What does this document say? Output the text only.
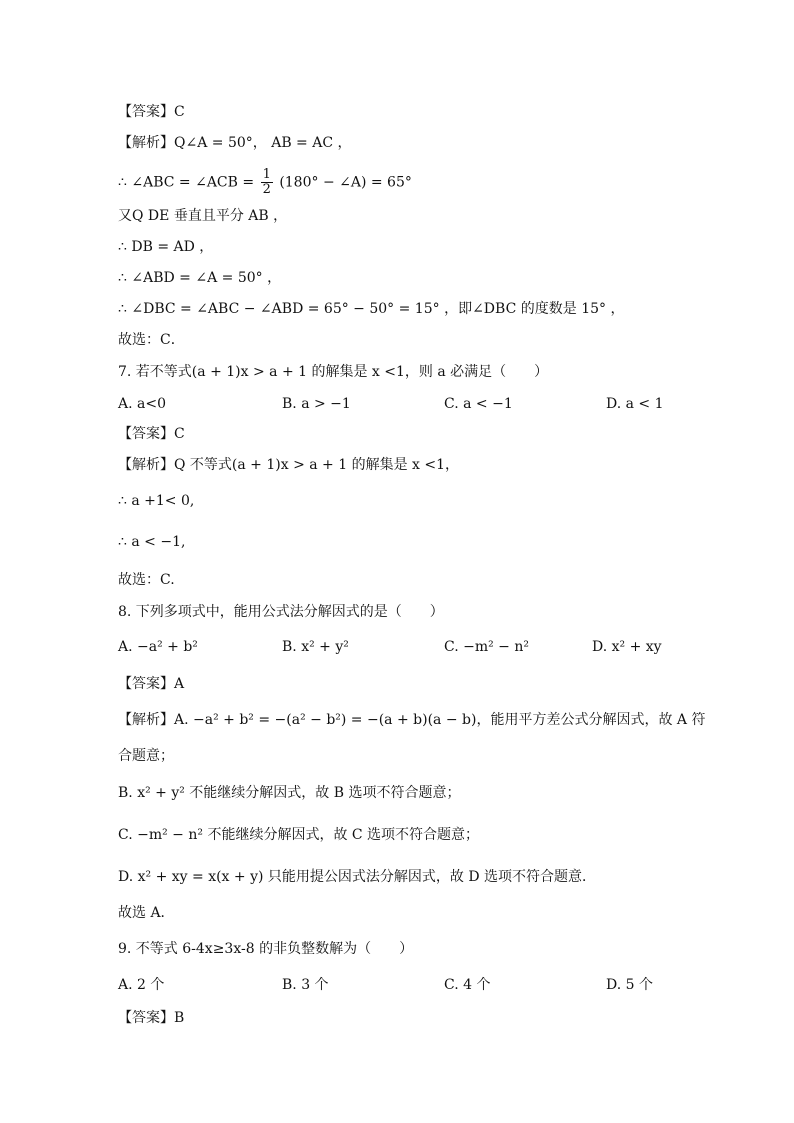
【答案】C
【解析】Q∠A = 50°， AB = AC ，
∴ ∠ABC = ∠ACB = $\frac{1}{2} (180^\circ$ − ∠A) = 65°
又Q DE 垂直且平分 AB ，
∴ DB = AD ，
∴ ∠ABD = ∠A = 50° ，
∴ ∠DBC = ∠ABC − ∠ABD = 65° − 50° = 15° ，即∠DBC 的度数是 15° ，
故选：C．
7. 若不等式(a + 1)x > a + 1 的解集是 x <1，则 a 必满足（　　）
A. a<0	B. a > −1	C. a < −1	D. a < 1
【答案】C
【解析】Q 不等式(a + 1)x > a + 1 的解集是 x <1，
∴ a +1< 0,
∴ a < −1,
故选：C.
8. 下列多项式中，能用公式法分解因式的是（　　）
A. −a² + b²	B. x² + y²	C. −m² − n²	D. x² + xy
【答案】A
【解析】A. −a² + b² = −(a² − b²) = −(a + b)(a − b)，能用平方差公式分解因式，故 A 符
合题意；
B. x² + y² 不能继续分解因式，故 B 选项不符合题意；
C. −m² − n² 不能继续分解因式，故 C 选项不符合题意；
D. x² + xy = x(x + y) 只能用提公因式法分解因式，故 D 选项不符合题意．
故选 A．
9. 不等式 6-4x≥3x-8 的非负整数解为（　　）
A. 2 个	B. 3 个	C. 4 个	D. 5 个
【答案】B
